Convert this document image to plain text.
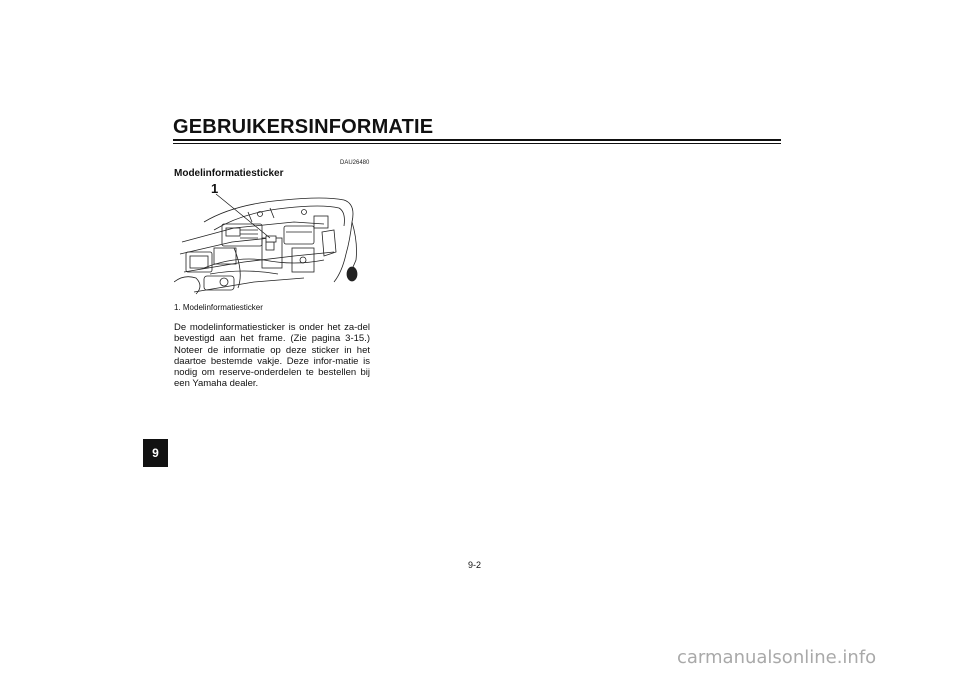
GEBRUIKERSINFORMATIE
9
DAU26480
Modelinformatiesticker
1
1. Modelinformatiesticker

De modelinformatiesticker is onder het za-del bevestigd aan het frame. (Zie pagina 3-15.) Noteer de informatie op deze sticker in het daartoe bestemde vakje. Deze infor-matie is nodig om reserve-onderdelen te bestellen bij een Yamaha dealer.

9-2
carmanualsonline.info
